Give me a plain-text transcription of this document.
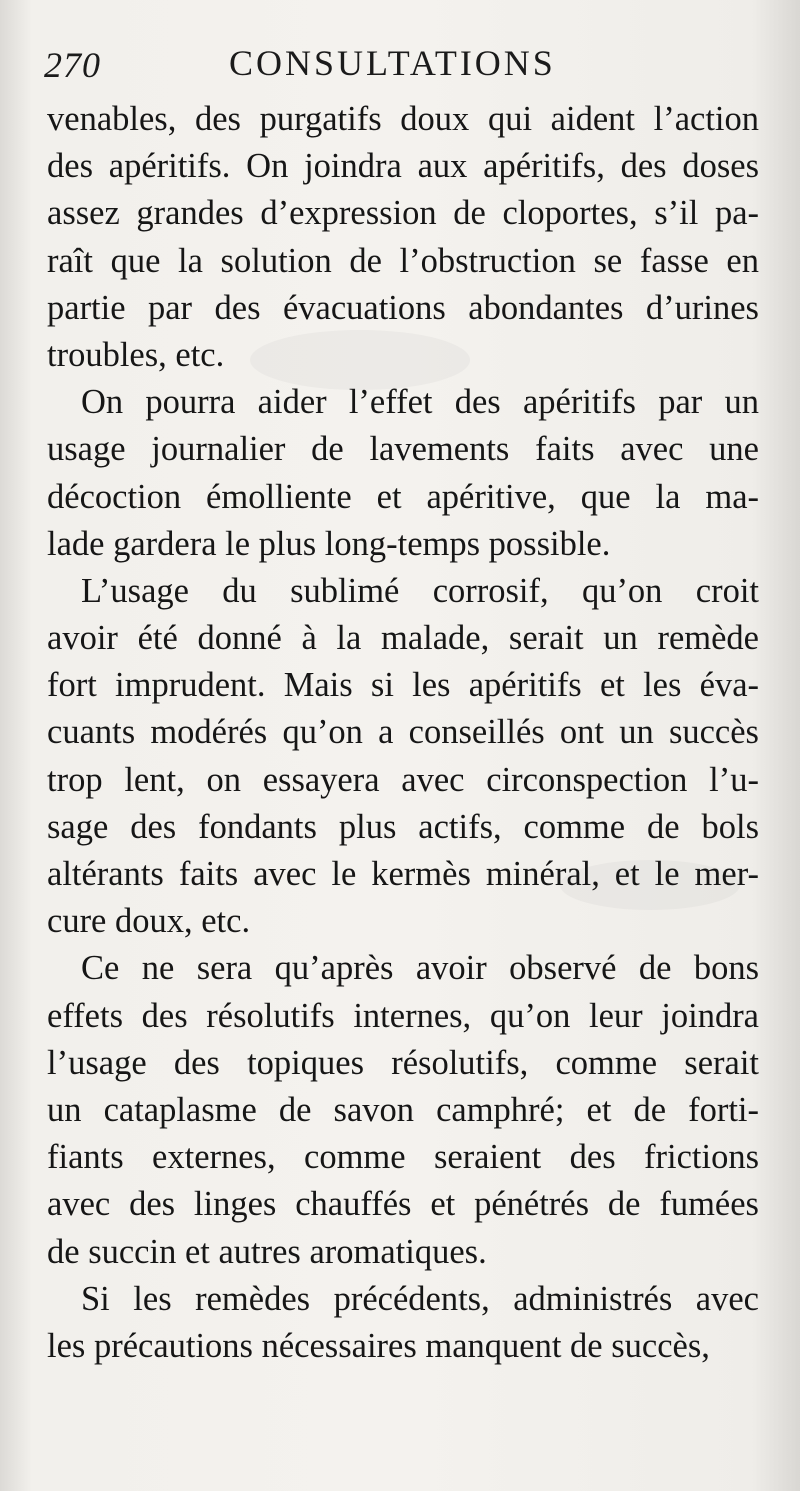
270	CONSULTATIONS
venables, des purgatifs doux qui aident l’action
des apéritifs. On joindra aux apéritifs, des doses
assez grandes d’expression de cloportes, s’il pa-
raît que la solution de l’obstruction se fasse en
partie par des évacuations abondantes d’urines
troubles, etc.
On pourra aider l’effet des apéritifs par un
usage journalier de lavements faits avec une
décoction émolliente et apéritive, que la ma-
lade gardera le plus long-temps possible.
L’usage du sublimé corrosif, qu’on croit
avoir été donné à la malade, serait un remède
fort imprudent. Mais si les apéritifs et les éva-
cuants modérés qu’on a conseillés ont un succès
trop lent, on essayera avec circonspection l’u-
sage des fondants plus actifs, comme de bols
altérants faits avec le kermès minéral, et le mer-
cure doux, etc.
Ce ne sera qu’après avoir observé de bons
effets des résolutifs internes, qu’on leur joindra
l’usage des topiques résolutifs, comme serait
un cataplasme de savon camphré; et de forti-
fiants externes, comme seraient des frictions
avec des linges chauffés et pénétrés de fumées
de succin et autres aromatiques.
Si les remèdes précédents, administrés avec
les précautions nécessaires manquent de succès,
